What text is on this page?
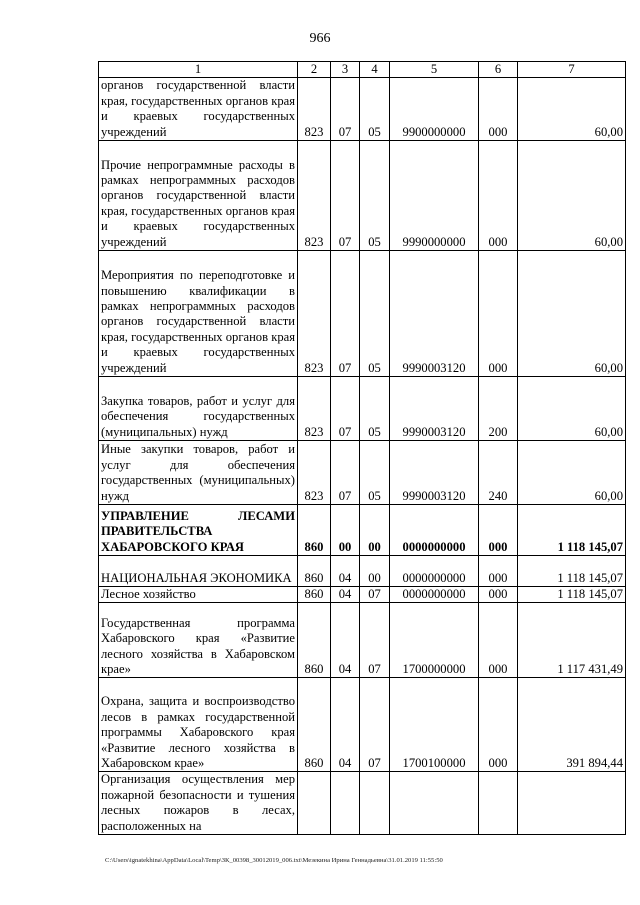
966
1	2	3	4	5	6	7
органов государственной власти края, государственных органов края и краевых государственных учреждений	823	07	05	9900000000	000	60,00
Прочие непрограммные расходы в рамках непрограммных расходов органов государственной власти края, государственных органов края и краевых государственных учреждений	823	07	05	9990000000	000	60,00
Мероприятия по переподготовке и повышению квалификации в рамках непрограммных расходов органов государственной власти края, государственных органов края и краевых государственных учреждений	823	07	05	9990003120	000	60,00
Закупка товаров, работ и услуг для обеспечения государственных (муниципальных) нужд	823	07	05	9990003120	200	60,00
Иные закупки товаров, работ и услуг для обеспечения государственных (муниципальных) нужд	823	07	05	9990003120	240	60,00
УПРАВЛЕНИЕ ЛЕСАМИ ПРАВИТЕЛЬСТВА ХАБАРОВСКОГО КРАЯ	860	00	00	0000000000	000	1 118 145,07
НАЦИОНАЛЬНАЯ ЭКОНОМИКА	860	04	00	0000000000	000	1 118 145,07
Лесное хозяйство	860	04	07	0000000000	000	1 118 145,07
Государственная программа Хабаровского края «Развитие лесного хозяйства в Хабаровском крае»	860	04	07	1700000000	000	1 117 431,49
Охрана, защита и воспроизводство лесов в рамках государственной программы Хабаровского края «Развитие лесного хозяйства в Хабаровском крае»	860	04	07	1700100000	000	391 894,44
Организация осуществления мер пожарной безопасности и тушения лесных пожаров в лесах, расположенных на						
C:\Users\ignatekhina\AppData\Local\Temp\ЗК_00398_30012019_006.txt\Мезекина Ирина Геннадьевна\31.01.2019 11:55:50
